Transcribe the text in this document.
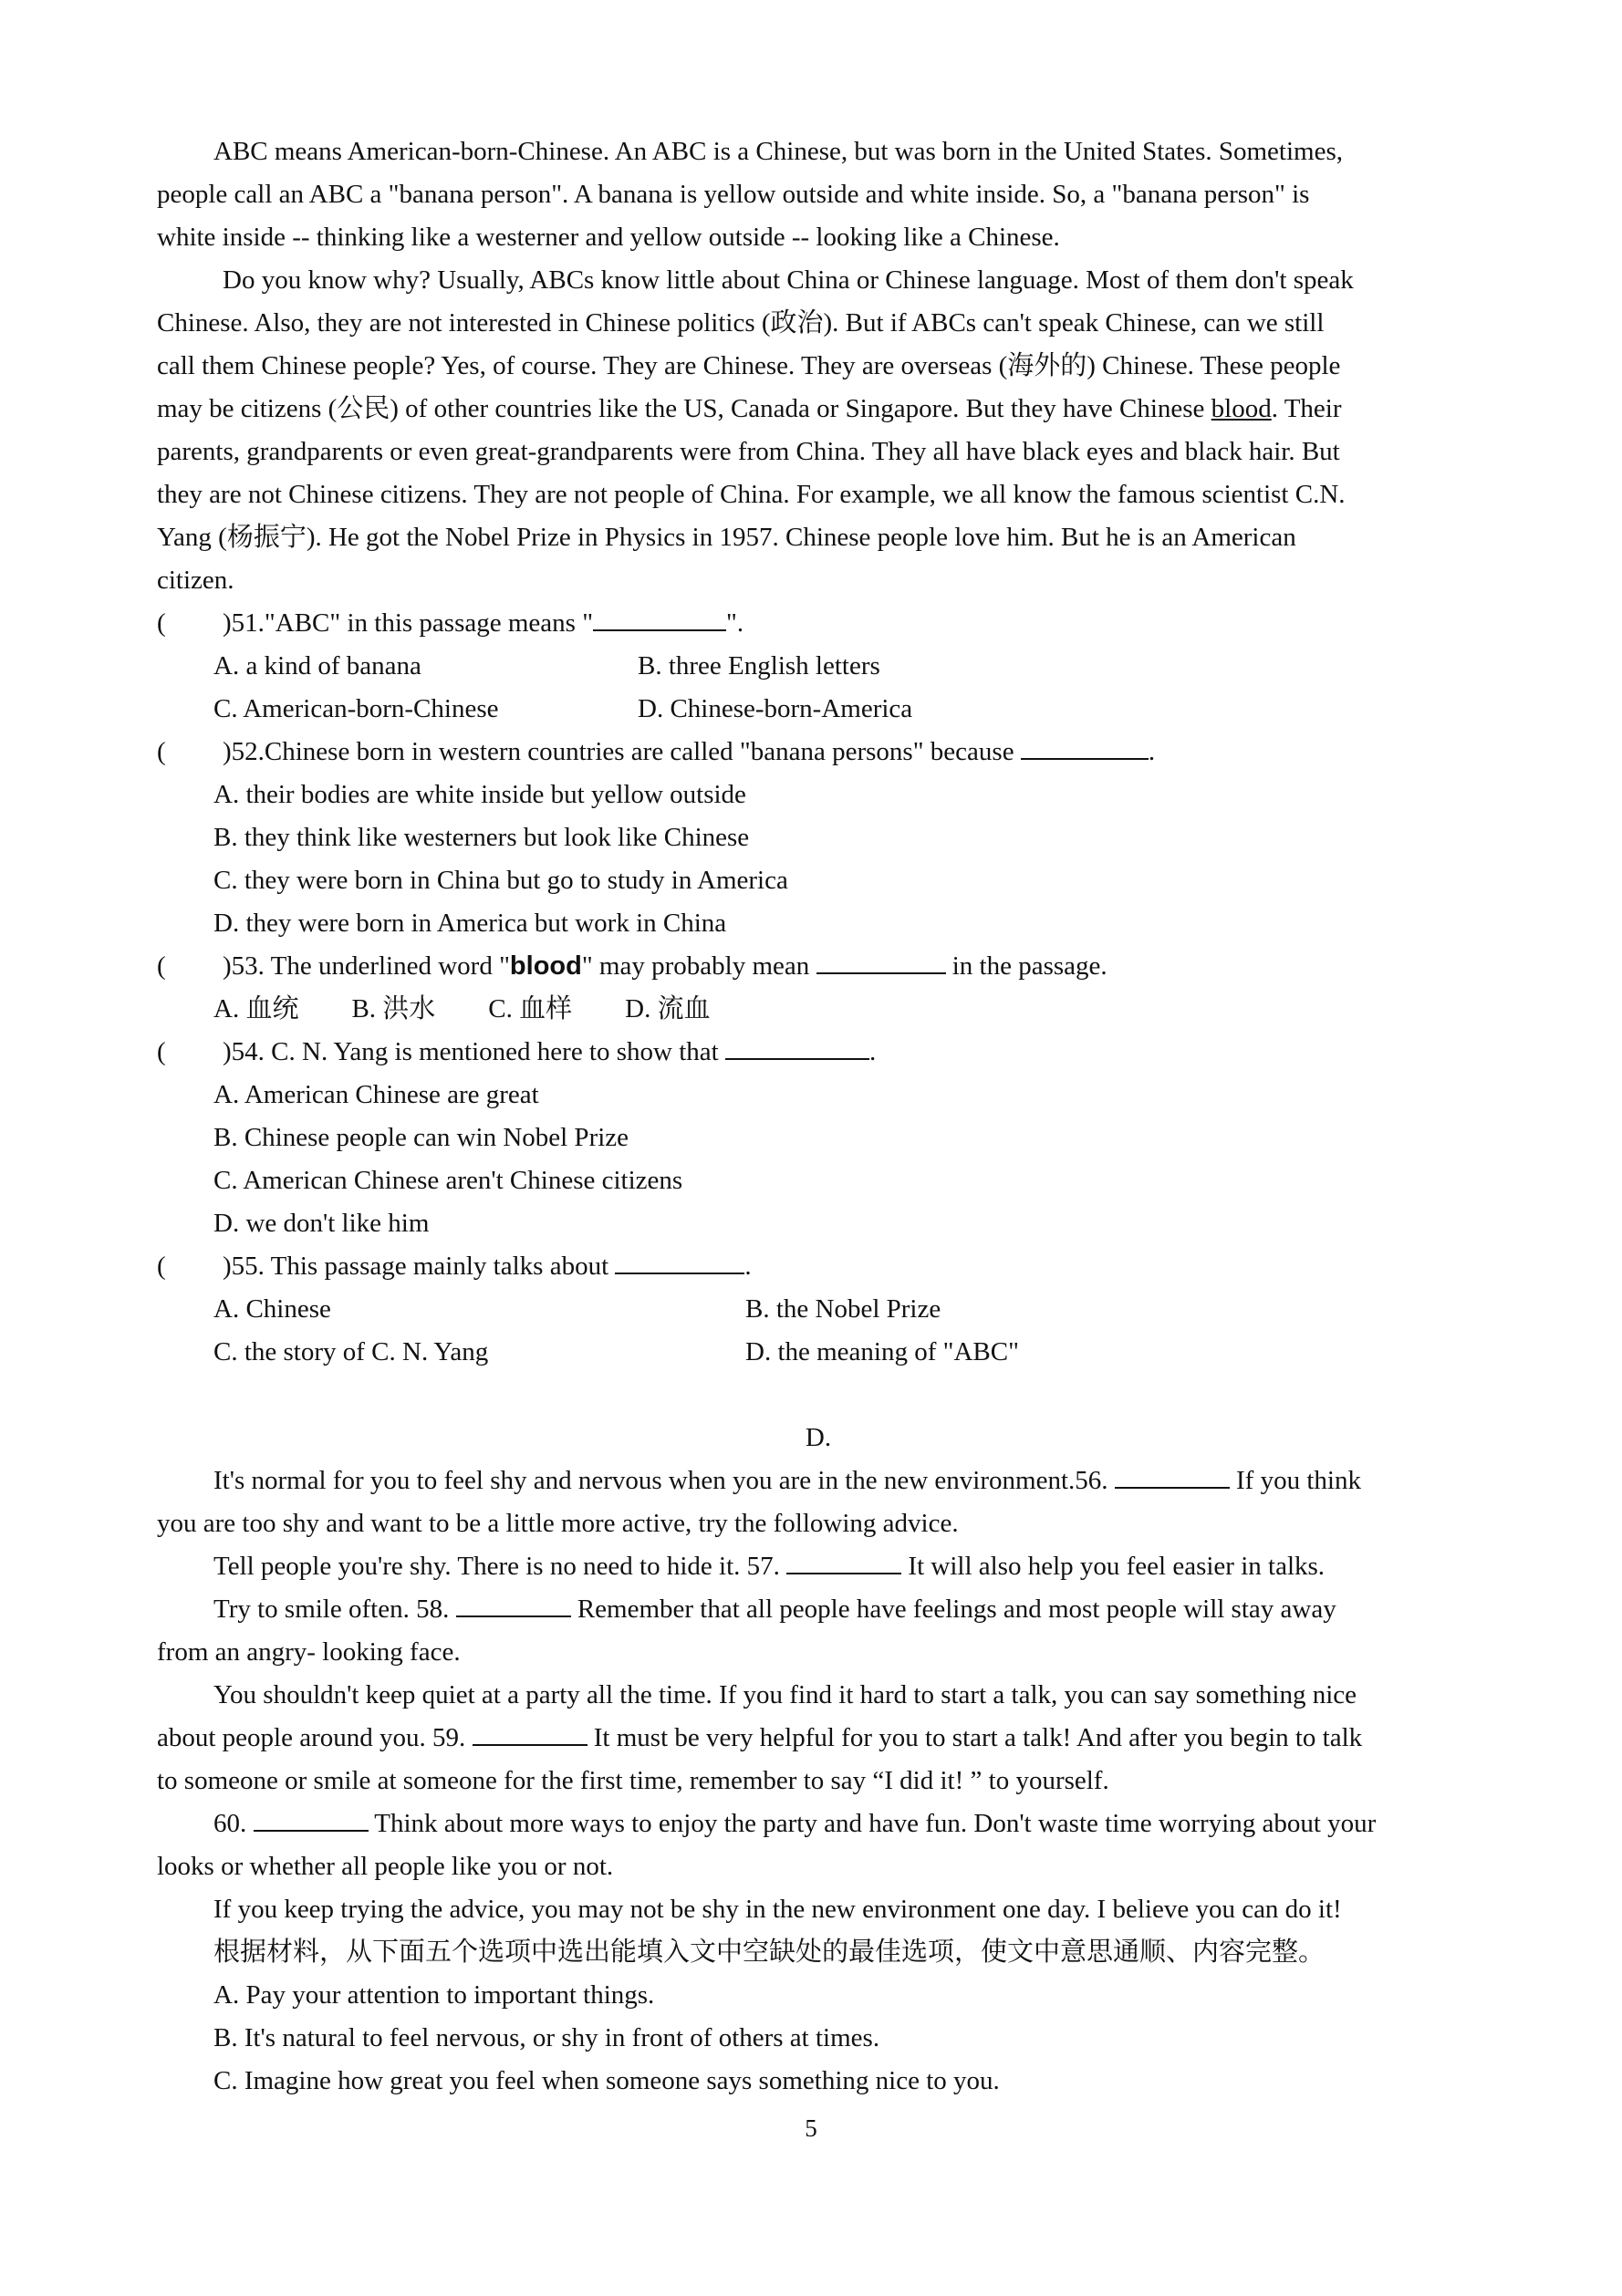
ABC means American-born-Chinese. An ABC is a Chinese, but was born in the United States. Sometimes,
people call an ABC a "banana person". A banana is yellow outside and white inside. So, a "banana person" is
white inside -- thinking like a westerner and yellow outside -- looking like a Chinese.
Do you know why? Usually, ABCs know little about China or Chinese language. Most of them don't speak
Chinese. Also, they are not interested in Chinese politics (政治). But if ABCs can't speak Chinese, can we still
call them Chinese people? Yes, of course. They are Chinese. They are overseas (海外的) Chinese. These people
may be citizens (公民) of other countries like the US, Canada or Singapore. But they have Chinese blood. Their
parents, grandparents or even great-grandparents were from China. They all have black eyes and black hair. But
they are not Chinese citizens. They are not people of China. For example, we all know the famous scientist C.N.
Yang (杨振宁). He got the Nobel Prize in Physics in 1957. Chinese people love him. But he is an American
citizen.
( )51."ABC" in this passage means "	".
A. a kind of banana	B. three English letters
C. American-born-Chinese	D. Chinese-born-America
( )52.Chinese born in western countries are called "banana persons" because	.
A. their bodies are white inside but yellow outside
B. they think like westerners but look like Chinese
C. they were born in China but go to study in America
D. they were born in America but work in China
( )53. The underlined word "blood" may probably mean	in the passage.
A. 血统 B. 洪水 C. 血样 D. 流血
( )54. C. N. Yang is mentioned here to show that	.
A. American Chinese are great
B. Chinese people can win Nobel Prize
C. American Chinese aren't Chinese citizens
D. we don't like him
( )55. This passage mainly talks about	.
A. Chinese	B. the Nobel Prize
C. the story of C. N. Yang	D. the meaning of "ABC"
D.
It's normal for you to feel shy and nervous when you are in the new environment.56.	If you think
you are too shy and want to be a little more active, try the following advice.
Tell people you're shy. There is no need to hide it. 57.	It will also help you feel easier in talks.
Try to smile often. 58.	Remember that all people have feelings and most people will stay away
from an angry- looking face.
You shouldn't keep quiet at a party all the time. If you find it hard to start a talk, you can say something nice
about people around you. 59.	It must be very helpful for you to start a talk! And after you begin to talk
to someone or smile at someone for the first time, remember to say “I did it! ” to yourself.
60.	Think about more ways to enjoy the party and have fun. Don't waste time worrying about your
looks or whether all people like you or not.
If you keep trying the advice, you may not be shy in the new environment one day. I believe you can do it!
根据材料，从下面五个选项中选出能填入文中空缺处的最佳选项，使文中意思通顺、内容完整。
A. Pay your attention to important things.
B. It's natural to feel nervous, or shy in front of others at times.
C. Imagine how great you feel when someone says something nice to you.
5
